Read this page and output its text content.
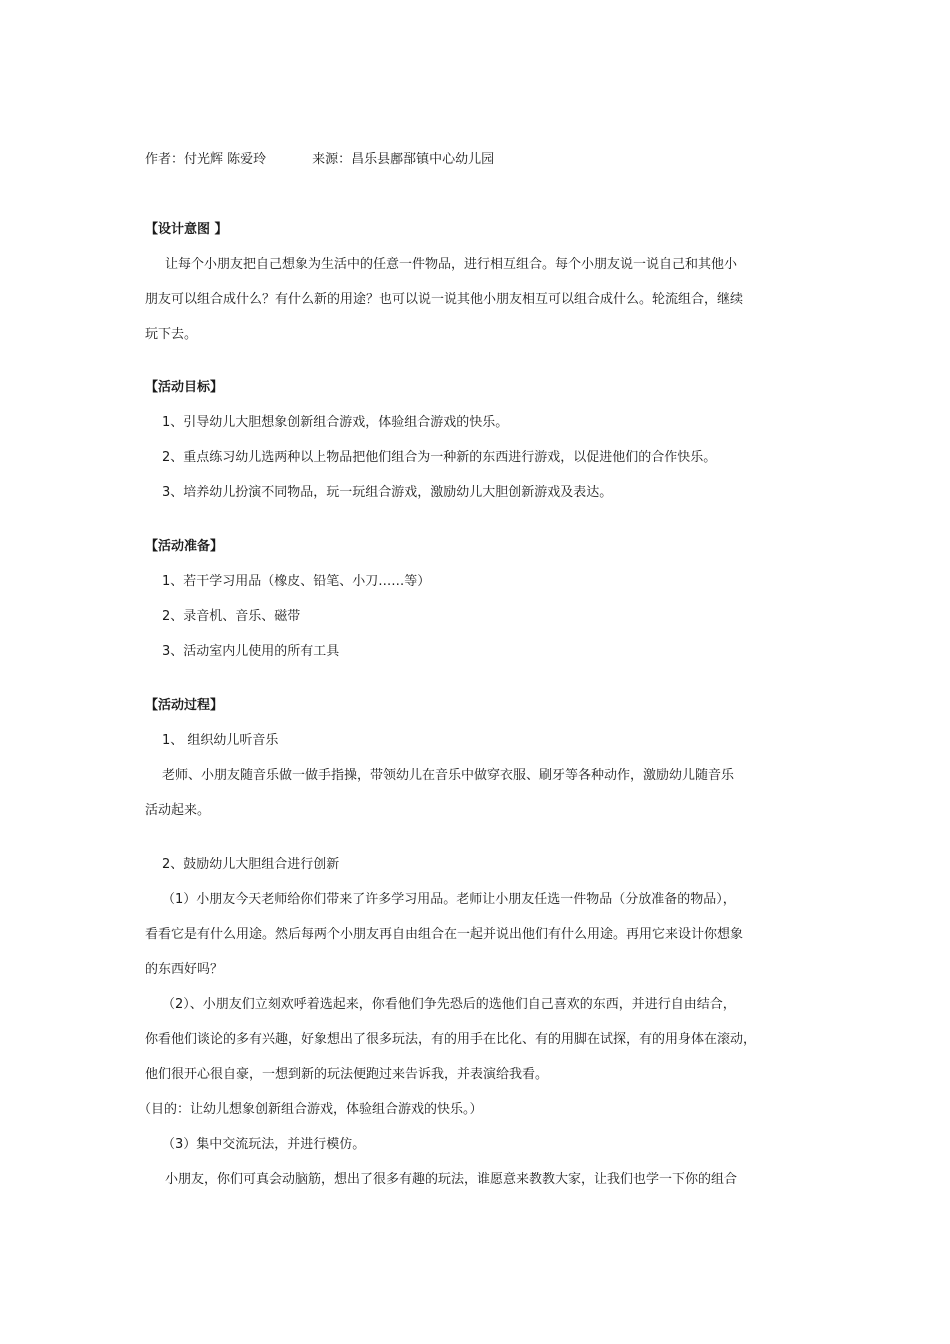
作者：付光辉 陈爱玲	来源：昌乐县鄌郚镇中心幼儿园
【设计意图 】
让每个小朋友把自己想象为生活中的任意一件物品，进行相互组合。每个小朋友说一说自己和其他小
朋友可以组合成什么？有什么新的用途？也可以说一说其他小朋友相互可以组合成什么。轮流组合，继续
玩下去。
【活动目标】
1、引导幼儿大胆想象创新组合游戏，体验组合游戏的快乐。
2、重点练习幼儿选两种以上物品把他们组合为一种新的东西进行游戏，以促进他们的合作快乐。
3、培养幼儿扮演不同物品，玩一玩组合游戏，激励幼儿大胆创新游戏及表达。
【活动准备】
1、若干学习用品（橡皮、铅笔、小刀……等）
2、录音机、音乐、磁带
3、活动室内儿使用的所有工具
【活动过程】
1、 组织幼儿听音乐
老师、小朋友随音乐做一做手指操，带领幼儿在音乐中做穿衣服、刷牙等各种动作，激励幼儿随音乐
活动起来。
2、鼓励幼儿大胆组合进行创新
（1）小朋友今天老师给你们带来了许多学习用品。老师让小朋友任选一件物品（分放准备的物品），
看看它是有什么用途。然后每两个小朋友再自由组合在一起并说出他们有什么用途。再用它来设计你想象
的东西好吗？
（2）、小朋友们立刻欢呼着选起来，你看他们争先恐后的选他们自己喜欢的东西，并进行自由结合，
你看他们谈论的多有兴趣，好象想出了很多玩法，有的用手在比化、有的用脚在试探，有的用身体在滚动，
他们很开心很自豪，一想到新的玩法便跑过来告诉我，并表演给我看。
（目的：让幼儿想象创新组合游戏，体验组合游戏的快乐。）
（3）集中交流玩法，并进行模仿。
小朋友，你们可真会动脑筋，想出了很多有趣的玩法，谁愿意来教教大家，让我们也学一下你的组合
